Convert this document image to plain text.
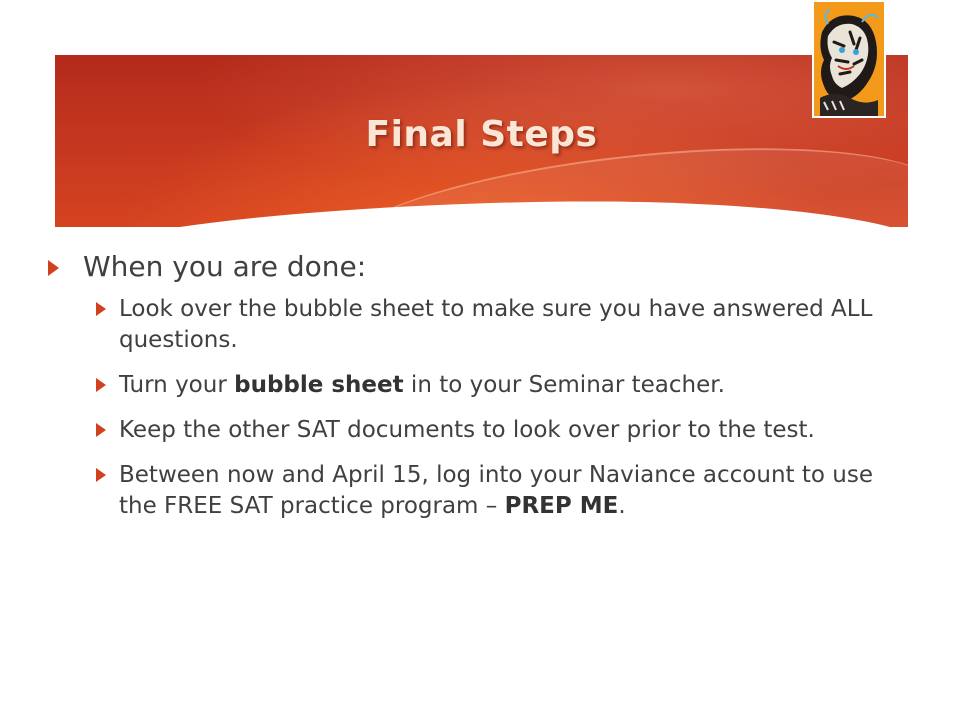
Final Steps
When you are done:
Look over the bubble sheet to make sure you have answered ALL questions.
Turn your bubble sheet in to your Seminar teacher.
Keep the other SAT documents to look over prior to the test.
Between now and April 15, log into your Naviance account to use the FREE SAT practice program – PREP ME.
